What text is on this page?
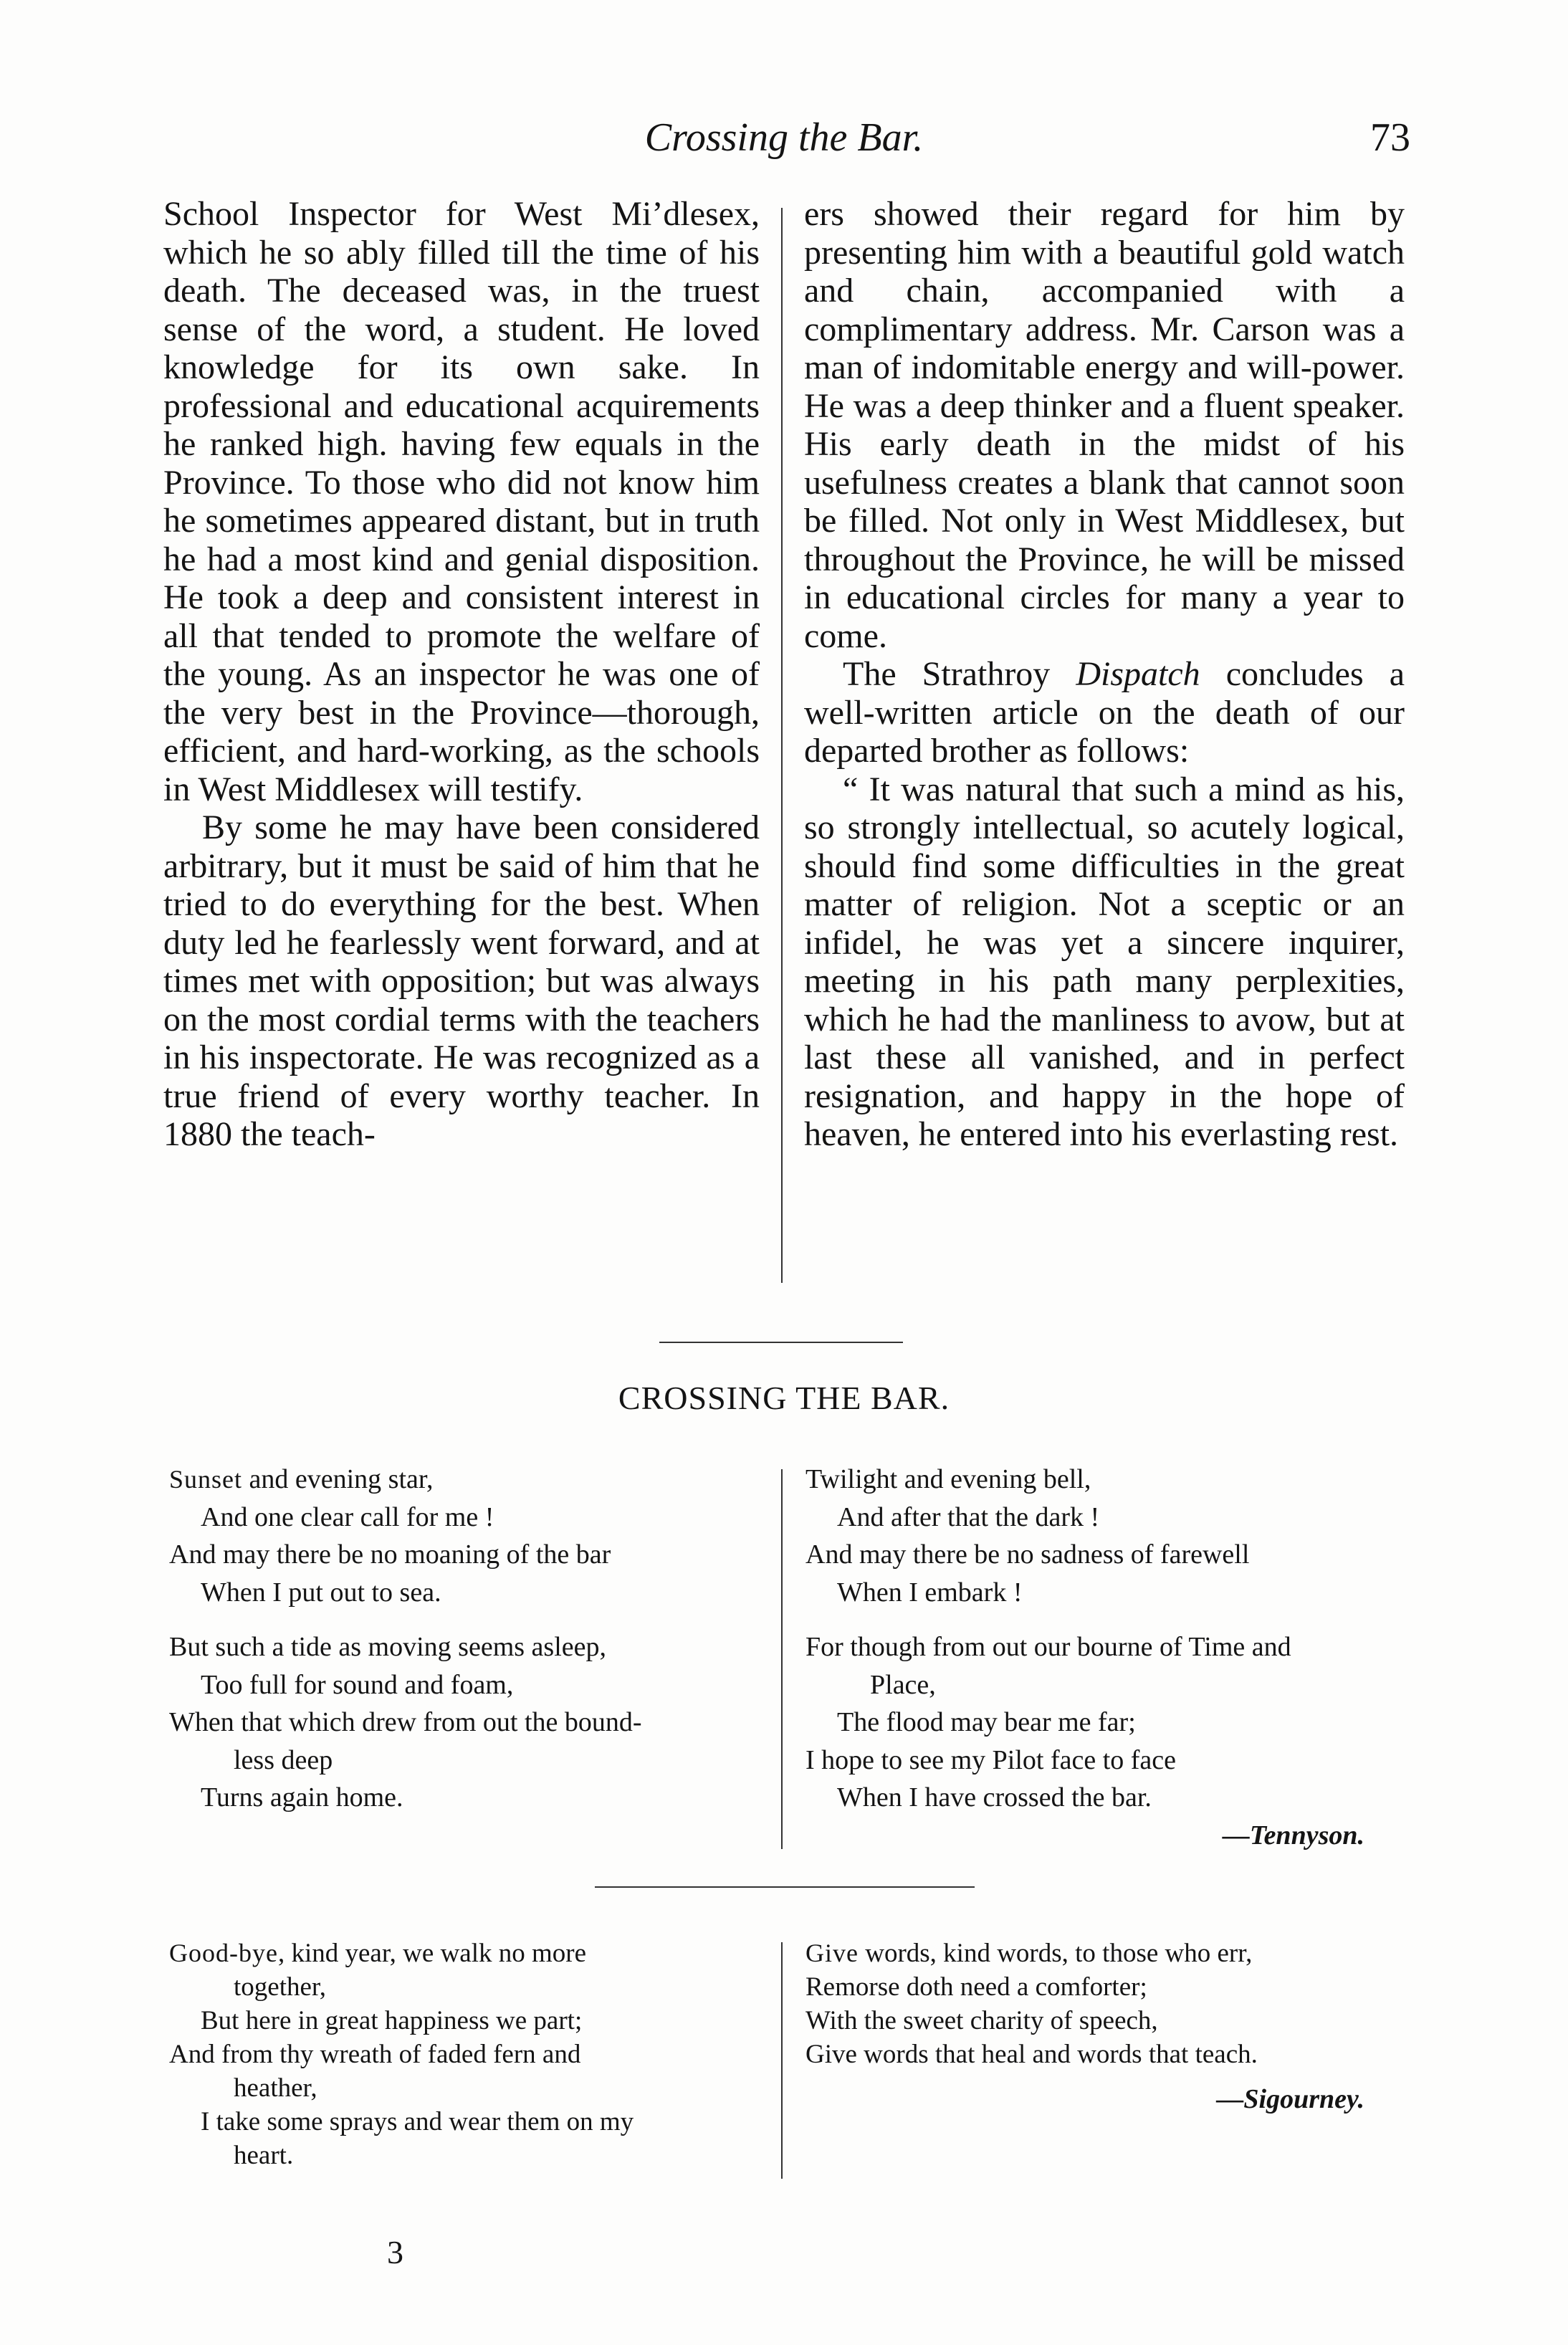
Crossing the Bar.	73

School Inspector for West Mi’dlesex, which he so ably filled till the time of his death. The deceased was, in the truest sense of the word, a student. He loved knowledge for its own sake. In professional and educational acquirements he ranked high. having few equals in the Province. To those who did not know him he sometimes appeared distant, but in truth he had a most kind and genial disposition. He took a deep and consistent interest in all that tended to promote the welfare of the young. As an inspector he was one of the very best in the Province—thorough, efficient, and hard-working, as the schools in West Middlesex will testify.

By some he may have been considered arbitrary, but it must be said of him that he tried to do everything for the best. When duty led he fearlessly went forward, and at times met with opposition; but was always on the most cordial terms with the teachers in his inspectorate. He was recognized as a true friend of every worthy teacher. In 1880 the teach-

ers showed their regard for him by presenting him with a beautiful gold watch and chain, accompanied with a complimentary address. Mr. Carson was a man of indomitable energy and will-power. He was a deep thinker and a fluent speaker. His early death in the midst of his usefulness creates a blank that cannot soon be filled. Not only in West Middlesex, but throughout the Province, he will be missed in educational circles for many a year to come.

The Strathroy Dispatch concludes a well-written article on the death of our departed brother as follows:

“ It was natural that such a mind as his, so strongly intellectual, so acutely logical, should find some difficulties in the great matter of religion. Not a sceptic or an infidel, he was yet a sincere inquirer, meeting in his path many perplexities, which he had the manliness to avow, but at last these all vanished, and in perfect resignation, and happy in the hope of heaven, he entered into his everlasting rest.

CROSSING THE BAR.
Sunset and evening star,
And one clear call for me !
And may there be no moaning of the bar
When I put out to sea.
But such a tide as moving seems asleep,
Too full for sound and foam,
When that which drew from out the bound-
less deep
Turns again home.
Twilight and evening bell,
And after that the dark !
And may there be no sadness of farewell
When I embark !
For though from out our bourne of Time and
Place,
The flood may bear me far;
I hope to see my Pilot face to face
When I have crossed the bar.
—Tennyson.
Good-bye, kind year, we walk no more
together,
But here in great happiness we part;
And from thy wreath of faded fern and
heather,
I take some sprays and wear them on my
heart.
Give words, kind words, to those who err,
Remorse doth need a comforter;
With the sweet charity of speech,
Give words that heal and words that teach.
—Sigourney.
3
